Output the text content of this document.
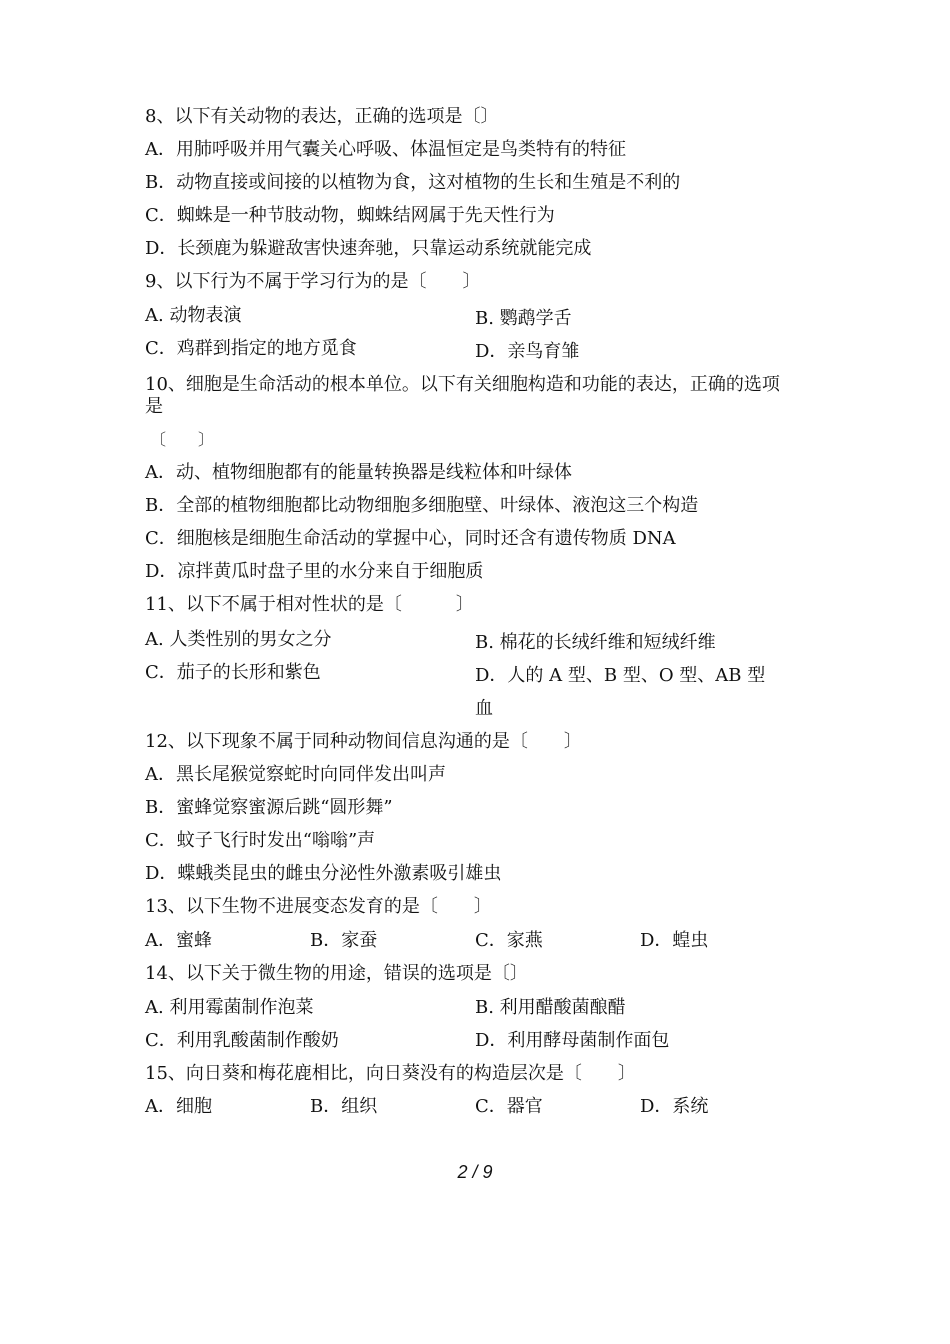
8、以下有关动物的表达，正确的选项是〔〕
A．用肺呼吸并用气囊关心呼吸、体温恒定是鸟类特有的特征
B．动物直接或间接的以植物为食，这对植物的生长和生殖是不利的
C．蜘蛛是一种节肢动物，蜘蛛结网属于先天性行为
D．长颈鹿为躲避敌害快速奔驰，只靠运动系统就能完成
9、以下行为不属于学习行为的是〔　　〕
A. 动物表演	B. 鹦鹉学舌
C．鸡群到指定的地方觅食	D．亲鸟育雏
10、细胞是生命活动的根本单位。以下有关细胞构造和功能的表达，正确的选项
是
〔　　〕
A．动、植物细胞都有的能量转换器是线粒体和叶绿体
B．全部的植物细胞都比动物细胞多细胞壁、叶绿体、液泡这三个构造
C．细胞核是细胞生命活动的掌握中心，同时还含有遗传物质 DNA
D．凉拌黄瓜时盘子里的水分来自于细胞质
11、以下不属于相对性状的是〔　　　〕
A. 人类性别的男女之分	B. 棉花的长绒纤维和短绒纤维
C．茄子的长形和紫色	D．人的 A 型、B 型、O 型、AB 型
血
12、以下现象不属于同种动物间信息沟通的是〔　　〕
A．黑长尾猴觉察蛇时向同伴发出叫声
B．蜜蜂觉察蜜源后跳“圆形舞”
C．蚊子飞行时发出“嗡嗡”声
D．蝶蛾类昆虫的雌虫分泌性外激素吸引雄虫
13、以下生物不进展变态发育的是〔　　〕
A．蜜蜂	B．家蚕	C．家燕	D．蝗虫
14、以下关于微生物的用途，错误的选项是〔〕
A. 利用霉菌制作泡菜	B. 利用醋酸菌酿醋
C．利用乳酸菌制作酸奶	D．利用酵母菌制作面包
15、向日葵和梅花鹿相比，向日葵没有的构造层次是〔　　〕
A．细胞	B．组织	C．器官	D．系统
2 / 9
